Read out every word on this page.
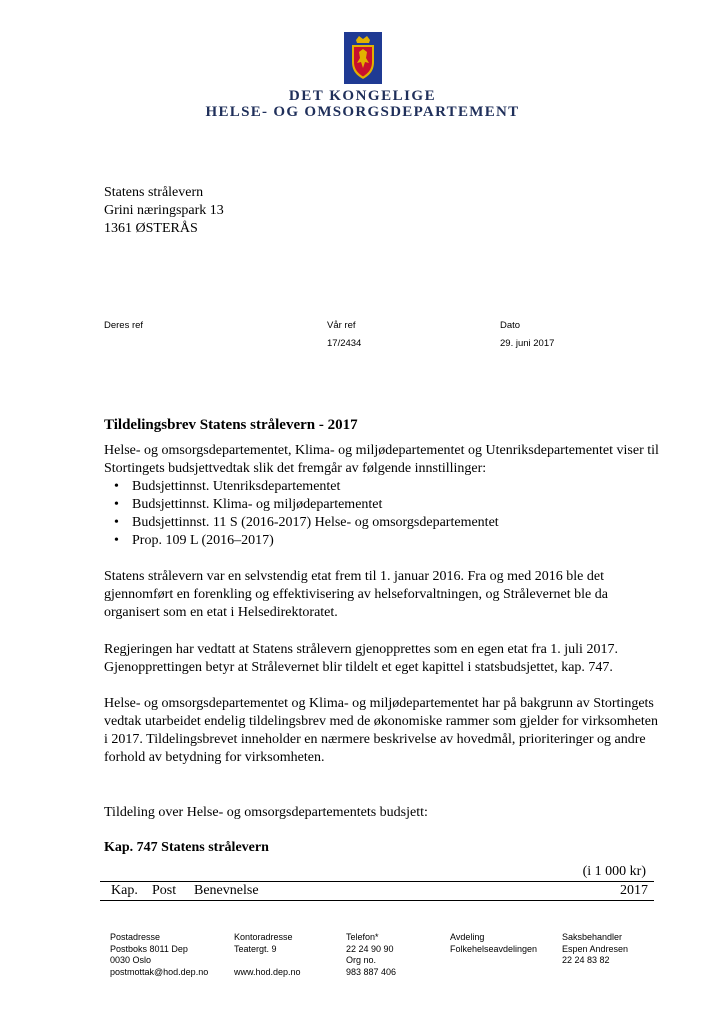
DET KONGELIGE
HELSE- OG OMSORGSDEPARTEMENT
Statens strålevern
Grini næringspark 13
1361 ØSTERÅS
Deres ref	Vår ref
17/2434
Dato
29. juni 2017
Tildelingsbrev Statens strålevern - 2017
Helse- og omsorgsdepartementet, Klima- og miljødepartementet og Utenriksdepartementet viser til Stortingets budsjettvedtak slik det fremgår av følgende innstillinger:
• Budsjettinnst. Utenriksdepartementet
• Budsjettinnst. Klima- og miljødepartementet
• Budsjettinnst. 11 S (2016-2017) Helse- og omsorgsdepartementet
• Prop. 109 L (2016–2017)
Statens strålevern var en selvstendig etat frem til 1. januar 2016. Fra og med 2016 ble det gjennomført en forenkling og effektivisering av helseforvaltningen, og Strålevernet ble da organisert som en etat i Helsedirektoratet.
Regjeringen har vedtatt at Statens strålevern gjenopprettes som en egen etat fra 1. juli 2017. Gjenopprettingen betyr at Strålevernet blir tildelt et eget kapittel i statsbudsjettet, kap. 747.
Helse- og omsorgsdepartementet og Klima- og miljødepartementet har på bakgrunn av Stortingets vedtak utarbeidet endelig tildelingsbrev med de økonomiske rammer som gjelder for virksomheten i 2017. Tildelingsbrevet inneholder en nærmere beskrivelse av hovedmål, prioriteringer og andre forhold av betydning for virksomheten.
Tildeling over Helse- og omsorgsdepartementets budsjett:
Kap. 747 Statens strålevern
(i 1 000 kr)
Kap. Post Benevnelse	2017
Postadresse
Postboks 8011 Dep
0030 Oslo
postmottak@hod.dep.no
Kontoradresse
Teatergt. 9

www.hod.dep.no
Telefon*
22 24 90 90
Org no.
983 887 406
Avdeling
Folkehelseavdelingen
Saksbehandler
Espen Andresen
22 24 83 82
